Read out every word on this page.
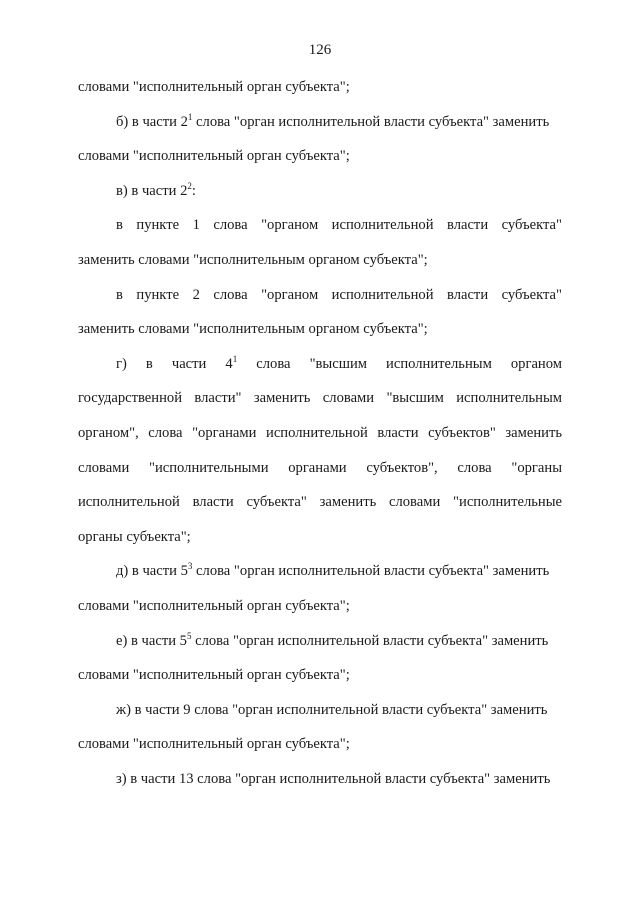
126
словами "исполнительный орган субъекта";
б) в части $2^1$ слова "орган исполнительной власти субъекта" заменить
словами "исполнительный орган субъекта";
в) в части $2^2$:
в пункте 1 слова "органом исполнительной власти субъекта"
заменить словами "исполнительным органом субъекта";
в пункте 2 слова "органом исполнительной власти субъекта"
заменить словами "исполнительным органом субъекта";
г) в части $4^1$ слова "высшим исполнительным органом
государственной власти" заменить словами "высшим исполнительным
органом", слова "органами исполнительной власти субъектов" заменить
словами "исполнительными органами субъектов", слова "органы
исполнительной власти субъекта" заменить словами "исполнительные
органы субъекта";
д) в части $5^3$ слова "орган исполнительной власти субъекта" заменить
словами "исполнительный орган субъекта";
е) в части $5^5$ слова "орган исполнительной власти субъекта" заменить
словами "исполнительный орган субъекта";
ж) в части 9 слова "орган исполнительной власти субъекта" заменить
словами "исполнительный орган субъекта";
з) в части 13 слова "орган исполнительной власти субъекта" заменить
